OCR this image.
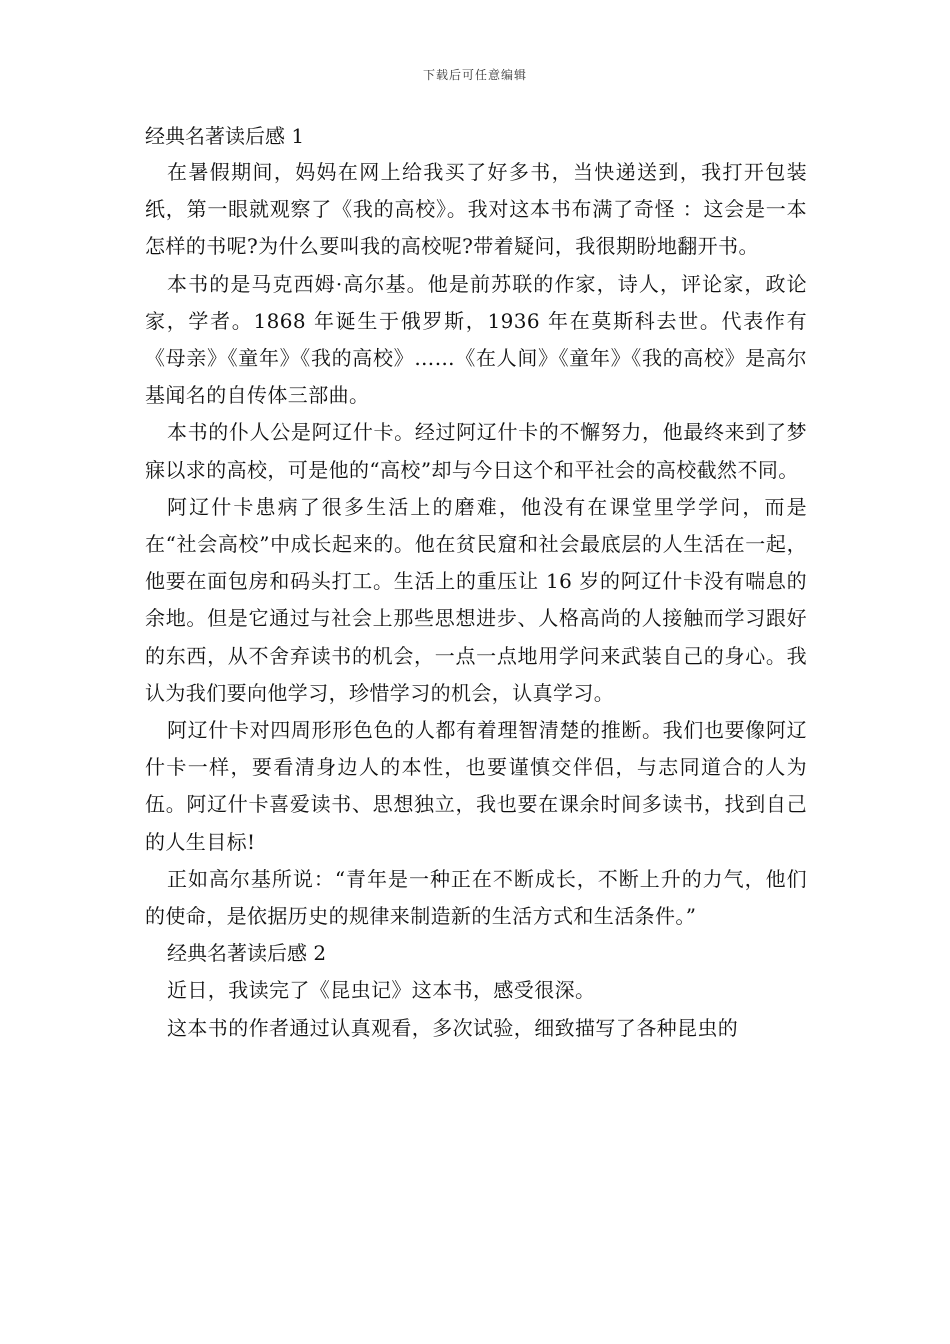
下载后可任意编辑
经典名著读后感 1

在暑假期间，妈妈在网上给我买了好多书，当快递送到，我打开包装纸，第一眼就观察了《我的高校》。我对这本书布满了奇怪 ：这会是一本怎样的书呢?为什么要叫我的高校呢?带着疑问，我很期盼地翻开书。

本书的是马克西姆·高尔基。他是前苏联的作家，诗人，评论家，政论家，学者。1868 年诞生于俄罗斯，1936 年在莫斯科去世。代表作有《母亲》《童年》《我的高校》……《在人间》《童年》《我的高校》是高尔基闻名的自传体三部曲。

本书的仆人公是阿辽什卡。经过阿辽什卡的不懈努力，他最终来到了梦寐以求的高校，可是他的“高校”却与今日这个和平社会的高校截然不同。

阿辽什卡患病了很多生活上的磨难，他没有在课堂里学学问，而是在“社会高校”中成长起来的。他在贫民窟和社会最底层的人生活在一起，他要在面包房和码头打工。生活上的重压让 16 岁的阿辽什卡没有喘息的余地。但是它通过与社会上那些思想进步、人格高尚的人接触而学习跟好的东西，从不舍弃读书的机会，一点一点地用学问来武装自己的身心。我认为我们要向他学习，珍惜学习的机会，认真学习。

阿辽什卡对四周形形色色的人都有着理智清楚的推断。我们也要像阿辽什卡一样，要看清身边人的本性，也要谨慎交伴侣，与志同道合的人为伍。阿辽什卡喜爱读书、思想独立，我也要在课余时间多读书，找到自己的人生目标!

正如高尔基所说：“青年是一种正在不断成长，不断上升的力气，他们的使命，是依据历史的规律来制造新的生活方式和生活条件。”

经典名著读后感 2

近日，我读完了《昆虫记》这本书，感受很深。

这本书的作者通过认真观看，多次试验，细致描写了各种昆虫的
